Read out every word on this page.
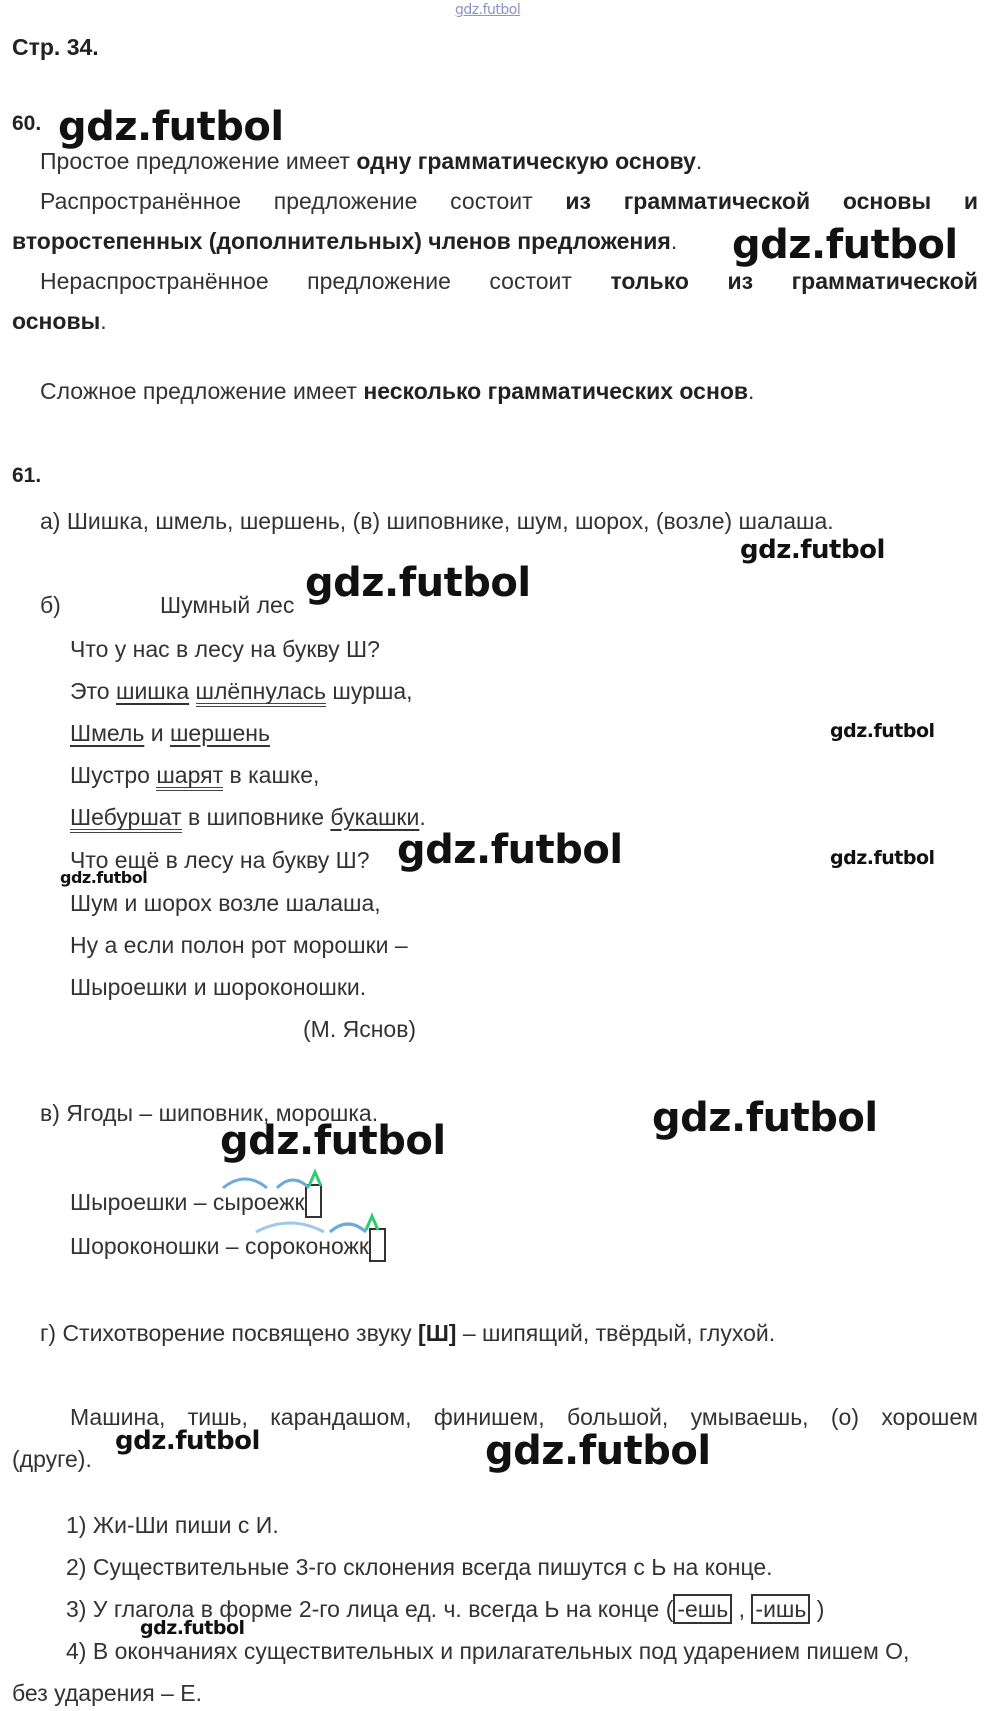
gdz.futbol
Стр. 34.
60. gdz.futbol
Простое предложение имеет одну грамматическую основу.
Распространённое предложение состоит из грамматической основы и
второстепенных (дополнительных) членов предложения. gdz.futbol
Нераспространённое предложение состоит только из грамматической
основы.
Сложное предложение имеет несколько грамматических основ.
61.
а) Шишка, шмель, шершень, (в) шиповнике, шум, шорох, (возле) шалаша.
gdz.futbol
б)	Шумный лес gdz.futbol
Что у нас в лесу на букву Ш?
Это шишка шлёпнулась шурша,
Шмель и шершень	gdz.futbol
Шустро шарят в кашке,
Шебуршат в шиповнике букашки.
Что ещё в лесу на букву Ш? gdz.futbol	gdz.futbol
gdz.futbol
Шум и шорох возле шалаша,
Ну а если полон рот морошки –
Шыроешки и шороконошки.
(М. Яснов)
в) Ягоды – шиповник, морошка.	gdz.futbol
gdz.futbol
Шыроешки – сыроежк
Шороконошки – сороконожк
г) Стихотворение посвящено звуку [Ш] – шипящий, твёрдый, глухой.
Машина, тишь, карандашом, финишем, большой, умываешь, (о) хорошем
(друге).
gdz.futbol	gdz.futbol
1) Жи-Ши пиши с И.
2) Существительные 3-го склонения всегда пишутся с Ь на конце.
3) У глагола в форме 2-го лица ед. ч. всегда Ь на конце ( -ешь , -ишь )
gdz.futbol
4) В окончаниях существительных и прилагательных под ударением пишем О,
без ударения – Е.
